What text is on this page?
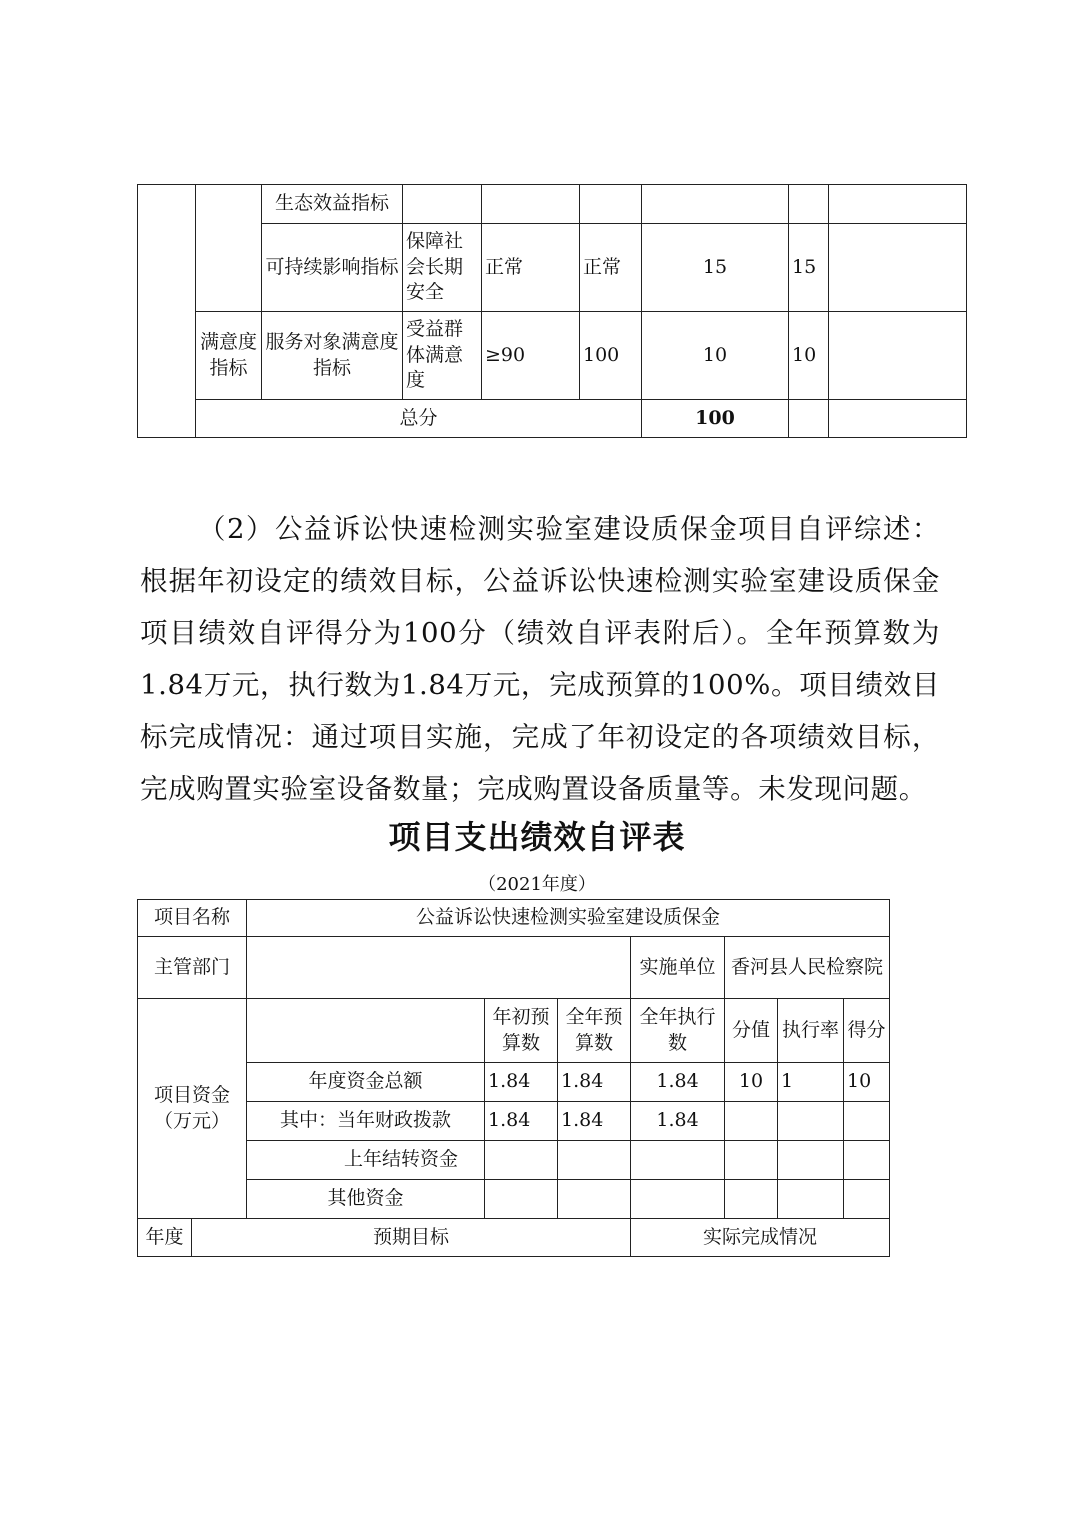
		生态效益指标						
		可持续影响指标	保障社会长期安全	正常	正常	15	15	
	满意度指标	服务对象满意度指标	受益群体满意度	≥90	100	10	10	
	总分					100		

（2）公益诉讼快速检测实验室建设质保金项目自评综述：根据年初设定的绩效目标，公益诉讼快速检测实验室建设质保金项目绩效自评得分为100分（绩效自评表附后）。全年预算数为1.84万元，执行数为1.84万元，完成预算的100%。项目绩效目标完成情况：通过项目实施，完成了年初设定的各项绩效目标，完成购置实验室设备数量；完成购置设备质量等。未发现问题。

项目支出绩效自评表
（2021年度）
项目名称		公益诉讼快速检测实验室建设质保金						
主管部门					实施单位	香河县人民检察院		
项目资金（万元）			年初预算数	全年预算数	全年执行数	分值	执行率	得分
		年度资金总额	1.84	1.84	1.84	10	1	10
		其中：当年财政拨款	1.84	1.84	1.84			
		上年结转资金						
		其他资金						
年度	预期目标				实际完成情况			
